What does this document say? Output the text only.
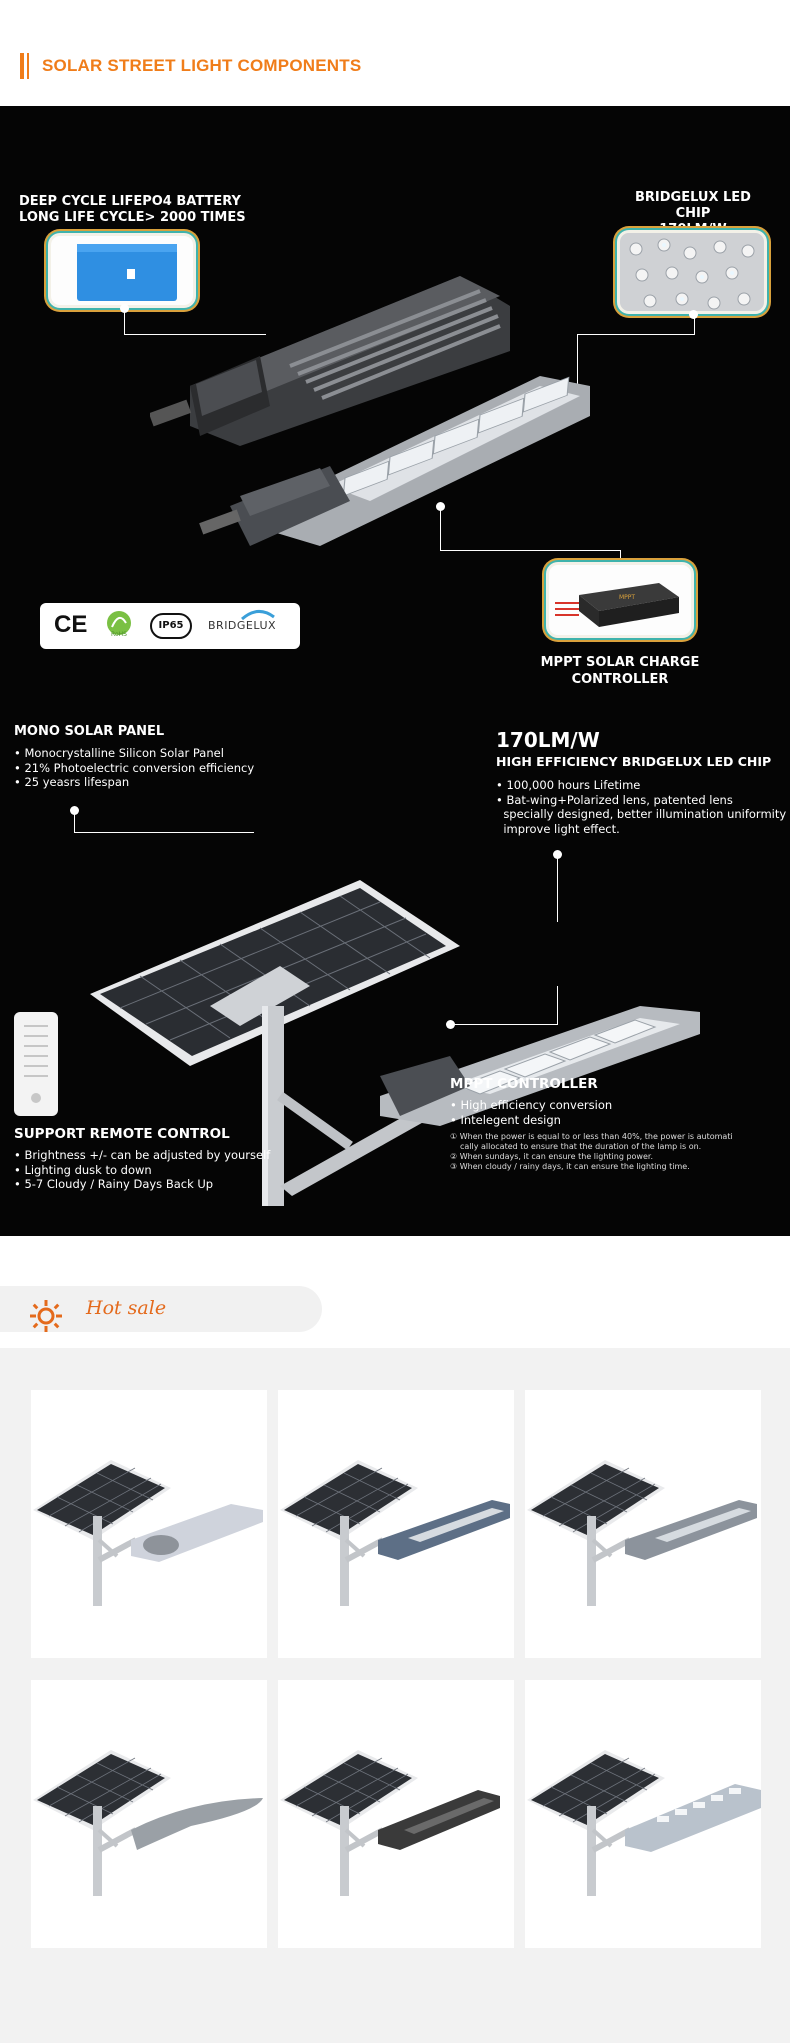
SOLAR STREET LIGHT COMPONENTS
DEEP CYCLE LIFEPO4 BATTERY
LONG LIFE CYCLE> 2000 TIMES
BRIDGELUX LED CHIP
MPPT
MPPT SOLAR CHARGE
CONTROLLER
CE	RoHS
IP65	BRIDGELUX
MONO SOLAR PANEL
• Monocrystalline Silicon Solar Panel
• 21% Photoelectric conversion efficiency
• 25 yeasrs lifespan
170LM/W
HIGH EFFICIENCY BRIDGELUX LED CHIP
• 100,000 hours Lifetime
• Bat-wing+Polarized lens, patented lens
specially designed, better illumination uniformity
improve light effect.
SUPPORT REMOTE CONTROL
• Brightness +/- can be adjusted by yourself
• Lighting dusk to down
• 5-7 Cloudy / Rainy Days Back Up
MPPT CONTROLLER
• High efficiency conversion
• Intelegent design
① When the power is equal to or less than 40%, the power is automati
cally allocated to ensure that the duration of the lamp is on.
② When sundays, it can ensure the lighting power.
③ When cloudy / rainy days, it can ensure the lighting time.
Hot sale
